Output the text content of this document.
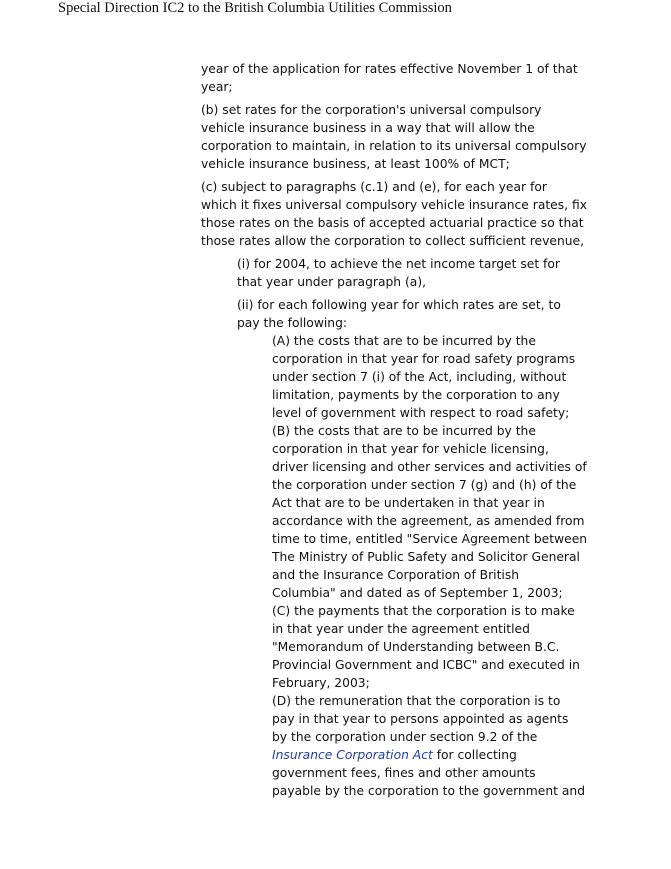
Special Direction IC2 to the British Columbia Utilities Commission

year of the application for rates effective November 1 of that
year;

(b) set rates for the corporation's universal compulsory
vehicle insurance business in a way that will allow the
corporation to maintain, in relation to its universal compulsory
vehicle insurance business, at least 100% of MCT;

(c) subject to paragraphs (c.1) and (e), for each year for
which it fixes universal compulsory vehicle insurance rates, fix
those rates on the basis of accepted actuarial practice so that
those rates allow the corporation to collect sufficient revenue,

(i) for 2004, to achieve the net income target set for
that year under paragraph (a),

(ii) for each following year for which rates are set, to
pay the following:

(A) the costs that are to be incurred by the
corporation in that year for road safety programs
under section 7 (i) of the Act, including, without
limitation, payments by the corporation to any
level of government with respect to road safety;

(B) the costs that are to be incurred by the
corporation in that year for vehicle licensing,
driver licensing and other services and activities of
the corporation under section 7 (g) and (h) of the
Act that are to be undertaken in that year in
accordance with the agreement, as amended from
time to time, entitled "Service Agreement between
The Ministry of Public Safety and Solicitor General
and the Insurance Corporation of British
Columbia" and dated as of September 1, 2003;

(C) the payments that the corporation is to make
in that year under the agreement entitled
"Memorandum of Understanding between B.C.
Provincial Government and ICBC" and executed in
February, 2003;

(D) the remuneration that the corporation is to
pay in that year to persons appointed as agents
by the corporation under section 9.2 of the
Insurance Corporation Act for collecting
government fees, fines and other amounts
payable by the corporation to the government and
